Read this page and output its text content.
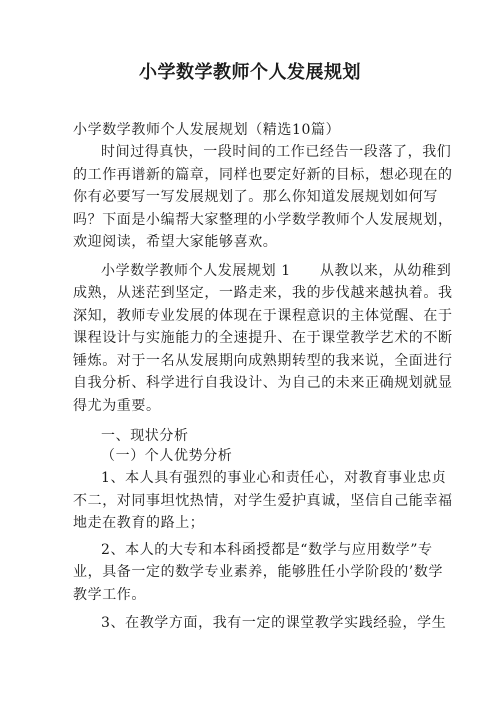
小学数学教师个人发展规划
小学数学教师个人发展规划（精选10篇）
时间过得真快，一段时间的工作已经告一段落了，我们
的工作再谱新的篇章，同样也要定好新的目标，想必现在的
你有必要写一写发展规划了。那么你知道发展规划如何写
吗？下面是小编帮大家整理的小学数学教师个人发展规划，
欢迎阅读，希望大家能够喜欢。
小学数学教师个人发展规划 1　　从教以来，从幼稚到
成熟，从迷茫到坚定，一路走来，我的步伐越来越执着。我
深知，教师专业发展的体现在于课程意识的主体觉醒、在于
课程设计与实施能力的全速提升、在于课堂教学艺术的不断
锤炼。对于一名从发展期向成熟期转型的我来说，全面进行
自我分析、科学进行自我设计、为自己的未来正确规划就显
得尤为重要。
一、现状分析
（一）个人优势分析
1、本人具有强烈的事业心和责任心，对教育事业忠贞
不二，对同事坦忱热情，对学生爱护真诚，坚信自己能幸福
地走在教育的路上；
2、本人的大专和本科函授都是“数学与应用数学”专
业，具备一定的数学专业素养，能够胜任小学阶段的’数学
教学工作。
3、在教学方面，我有一定的课堂教学实践经验，学生
